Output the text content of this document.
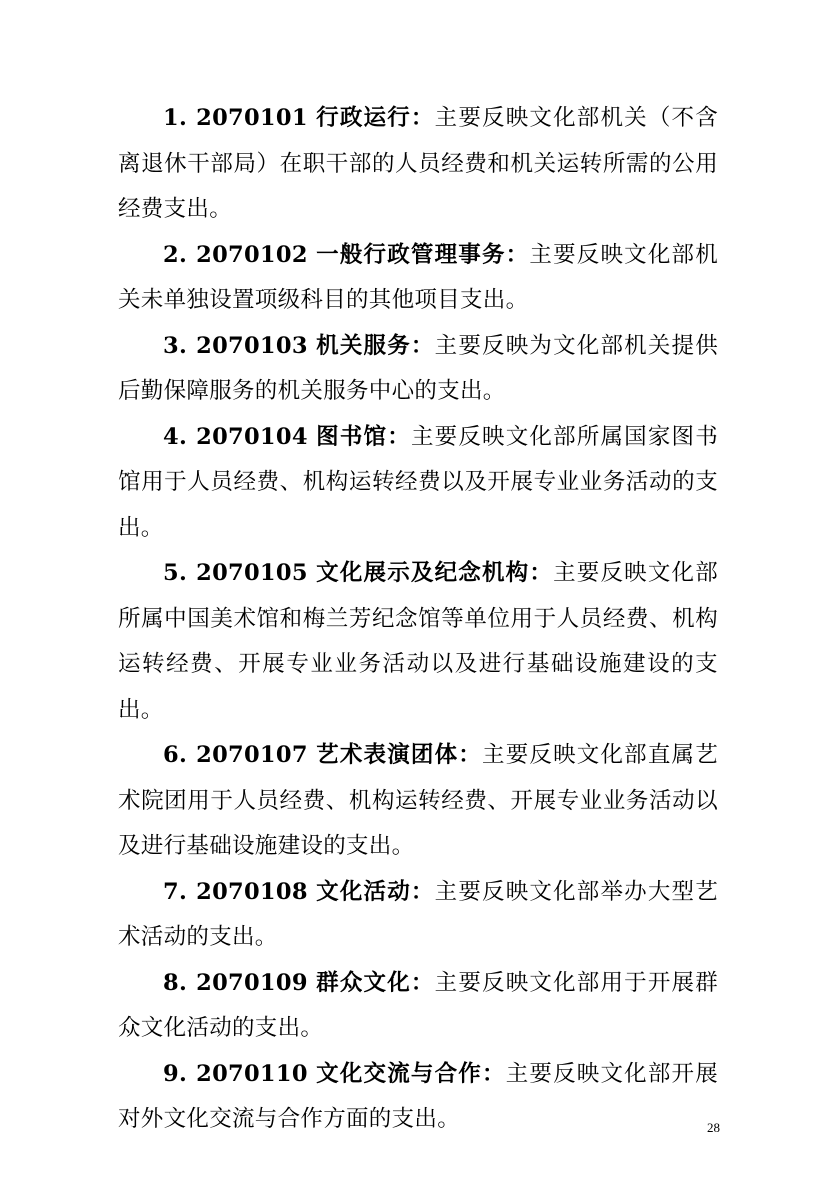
1. 2070101 行政运行：主要反映文化部机关（不含离退休干部局）在职干部的人员经费和机关运转所需的公用经费支出。

2. 2070102 一般行政管理事务：主要反映文化部机关未单独设置项级科目的其他项目支出。

3. 2070103 机关服务：主要反映为文化部机关提供后勤保障服务的机关服务中心的支出。

4. 2070104 图书馆：主要反映文化部所属国家图书馆用于人员经费、机构运转经费以及开展专业业务活动的支出。

5. 2070105 文化展示及纪念机构：主要反映文化部所属中国美术馆和梅兰芳纪念馆等单位用于人员经费、机构运转经费、开展专业业务活动以及进行基础设施建设的支出。

6. 2070107 艺术表演团体：主要反映文化部直属艺术院团用于人员经费、机构运转经费、开展专业业务活动以及进行基础设施建设的支出。

7. 2070108 文化活动：主要反映文化部举办大型艺术活动的支出。

8. 2070109 群众文化：主要反映文化部用于开展群众文化活动的支出。

9. 2070110 文化交流与合作：主要反映文化部开展对外文化交流与合作方面的支出。	28
